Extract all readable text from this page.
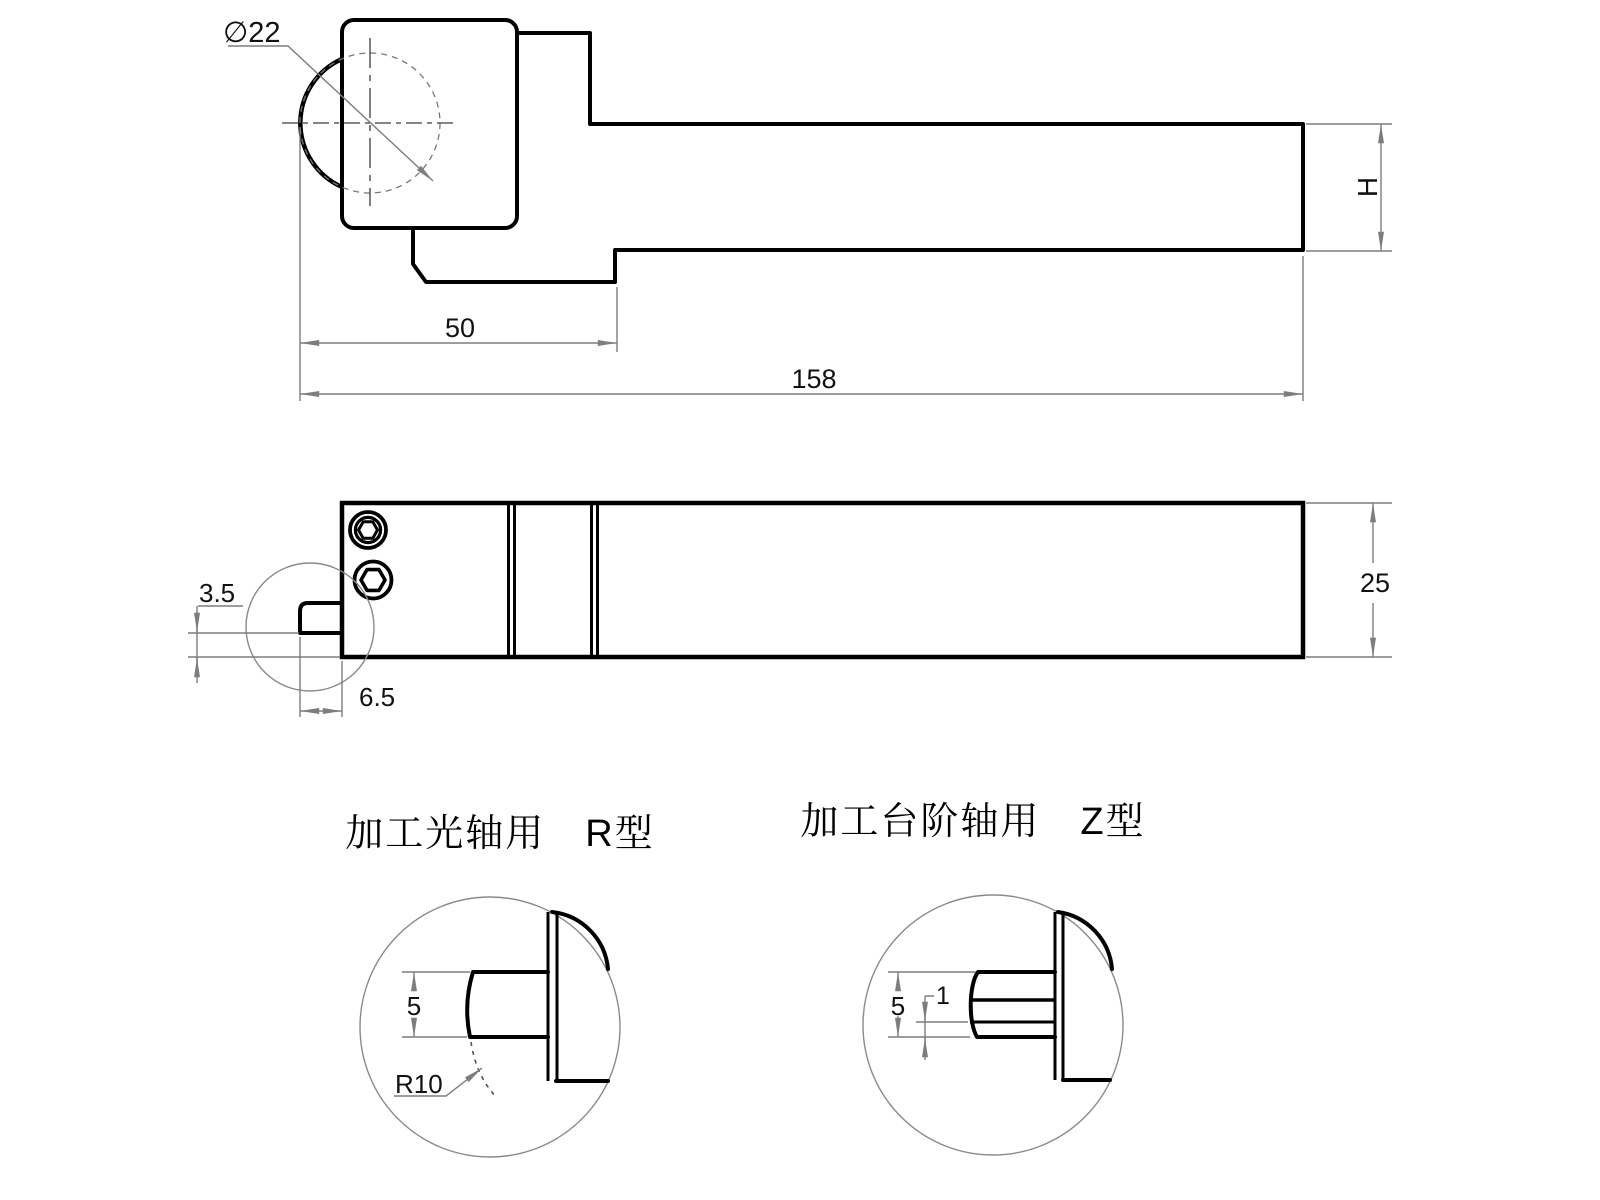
∅22
50
158
H
3.5
6.5
25
加工光轴用　R型
5
R10
加工台阶轴用　Z型
5 1
